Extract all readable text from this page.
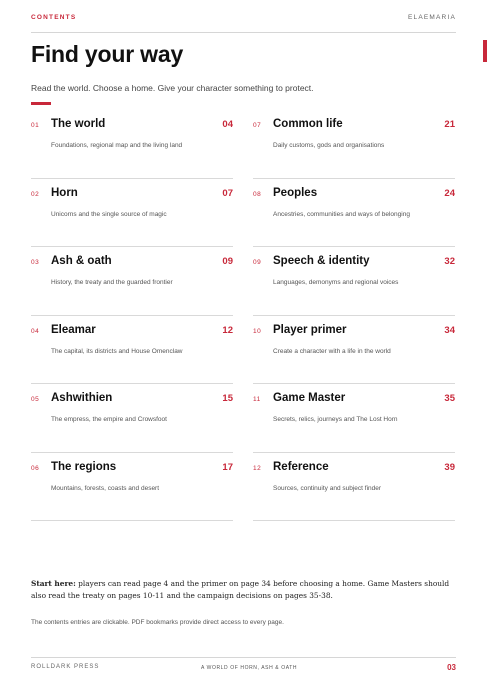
CONTENTS	ELAEMARIA
Find your way
Read the world. Choose a home. Give your character something to protect.
01 The world	04
Foundations, regional map and the living land
02 Horn	07
Unicorns and the single source of magic
03 Ash & oath	09
History, the treaty and the guarded frontier
04 Eleamar	12
The capital, its districts and House Omenclaw
05 Ashwithien	15
The empress, the empire and Crowsfoot
06 The regions	17
Mountains, forests, coasts and desert
07 Common life	21
Daily customs, gods and organisations
08 Peoples	24
Ancestries, communities and ways of belonging
09 Speech & identity	32
Languages, demonyms and regional voices
10 Player primer	34
Create a character with a life in the world
11 Game Master	35
Secrets, relics, journeys and The Lost Horn
12 Reference	39
Sources, continuity and subject finder

Start here: players can read page 4 and the primer on page 34 before choosing a home. Game Masters should also read the treaty on pages 10-11 and the campaign decisions on pages 35-38.

The contents entries are clickable. PDF bookmarks provide direct access to every page.
ROLLDARK PRESS	A WORLD OF HORN, ASH & OATH	03
